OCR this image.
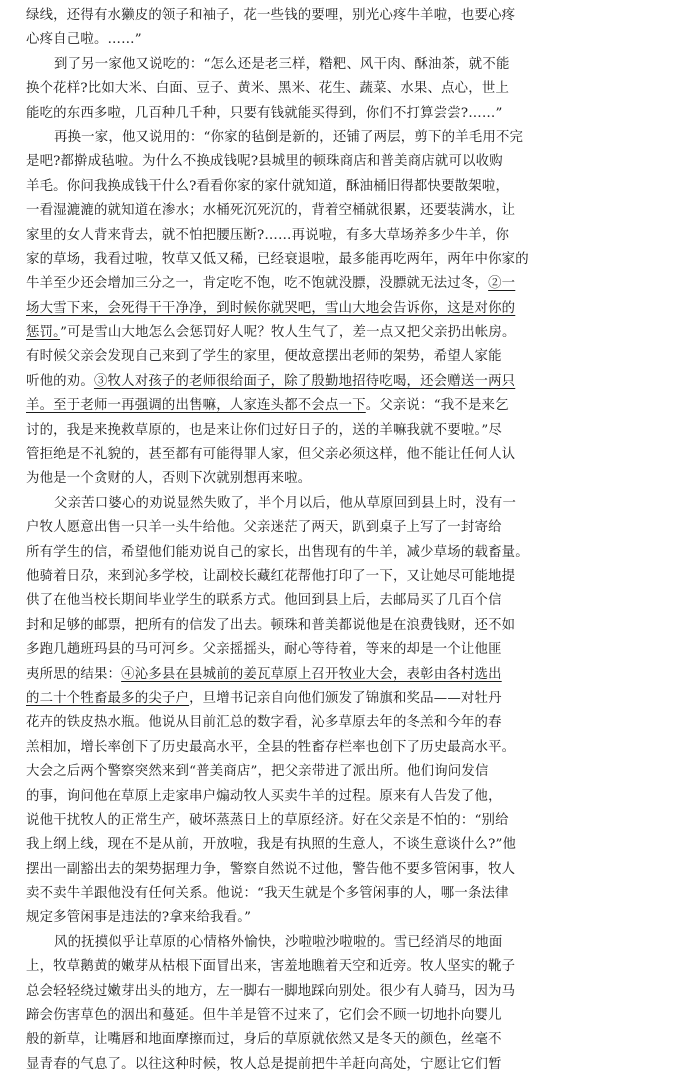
绿线，还得有水獭皮的领子和袖子，花一些钱的要哩，别光心疼牛羊啦，也要心疼
心疼自己啦。……”
到了另一家他又说吃的：“怎么还是老三样，糌粑、风干肉、酥油茶，就不能
换个花样?比如大米、白面、豆子、黄米、黑米、花生、蔬菜、水果、点心，世上
能吃的东西多啦，几百种几千种，只要有钱就能买得到，你们不打算尝尝?……”
再换一家，他又说用的：“你家的毡倒是新的，还铺了两层，剪下的羊毛用不完
是吧?都擀成毡啦。为什么不换成钱呢?县城里的顿珠商店和普美商店就可以收购
羊毛。你问我换成钱干什么?看看你家的家什就知道，酥油桶旧得都快要散架啦，
一看湿漉漉的就知道在渗水；水桶死沉死沉的，背着空桶就很累，还要装满水，让
家里的女人背来背去，就不怕把腰压断?……再说啦，有多大草场养多少牛羊，你
家的草场，我看过啦，牧草又低又稀，已经衰退啦，最多能再吃两年，两年中你家的
牛羊至少还会增加三分之一，肯定吃不饱，吃不饱就没膘，没膘就无法过冬，②一
场大雪下来，会死得干干净净，到时候你就哭吧，雪山大地会告诉你，这是对你的
惩罚。”可是雪山大地怎么会惩罚好人呢？牧人生气了，差一点又把父亲扔出帐房。
有时候父亲会发现自己来到了学生的家里，便故意摆出老师的架势，希望人家能
听他的劝。③牧人对孩子的老师很给面子，除了殷勤地招待吃喝，还会赠送一两只
羊。至于老师一再强调的出售嘛，人家连头都不会点一下。父亲说：“我不是来乞
讨的，我是来挽救草原的，也是来让你们过好日子的，送的羊嘛我就不要啦。”尽
管拒绝是不礼貌的，甚至都有可能得罪人家，但父亲必须这样，他不能让任何人认
为他是一个贪财的人，否则下次就别想再来啦。
父亲苦口婆心的劝说显然失败了，半个月以后，他从草原回到县上时，没有一
户牧人愿意出售一只羊一头牛给他。父亲迷茫了两天，趴到桌子上写了一封寄给
所有学生的信，希望他们能劝说自己的家长，出售现有的牛羊，减少草场的载畜量。
他骑着日尕，来到沁多学校，让副校长藏红花帮他打印了一下，又让她尽可能地提
供了在他当校长期间毕业学生的联系方式。他回到县上后，去邮局买了几百个信
封和足够的邮票，把所有的信发了出去。顿珠和普美都说他是在浪费钱财，还不如
多跑几趟班玛县的马可河乡。父亲摇摇头，耐心等待着，等来的却是一个让他匪
夷所思的结果：④沁多县在县城前的姜瓦草原上召开牧业大会，表彰由各村选出
的二十个牲畜最多的尖子户，旦增书记亲自向他们颁发了锦旗和奖品——对牡丹
花卉的铁皮热水瓶。他说从目前汇总的数字看，沁多草原去年的冬羔和今年的春
羔相加，增长率创下了历史最高水平，全县的牲畜存栏率也创下了历史最高水平。
大会之后两个警察突然来到“普美商店”，把父亲带进了派出所。他们询问发信
的事，询问他在草原上走家串户煽动牧人买卖牛羊的过程。原来有人告发了他，
说他干扰牧人的正常生产，破坏蒸蒸日上的草原经济。好在父亲是不怕的：“别给
我上纲上线，现在不是从前，开放啦，我是有执照的生意人，不谈生意谈什么?”他
摆出一副豁出去的架势据理力争，警察自然说不过他，警告他不要多管闲事，牧人
卖不卖牛羊跟他没有任何关系。他说：“我天生就是个多管闲事的人，哪一条法律
规定多管闲事是违法的?拿来给我看。”
风的抚摸似乎让草原的心情格外愉快，沙啦啦沙啦啦的。雪已经消尽的地面
上，牧草鹅黄的嫩芽从枯根下面冒出来，害羞地瞧着天空和近旁。牧人坚实的靴子
总会轻轻绕过嫩芽出头的地方，左一脚右一脚地踩向别处。很少有人骑马，因为马
蹄会伤害草色的洇出和蔓延。但牛羊是管不过来了，它们会不顾一切地扑向婴儿
般的新草，让嘴唇和地面摩擦而过，身后的草原就依然又是冬天的颜色，丝毫不
显青春的气息了。以往这种时候，牧人总是提前把牛羊赶向高处，宁愿让它们暂
